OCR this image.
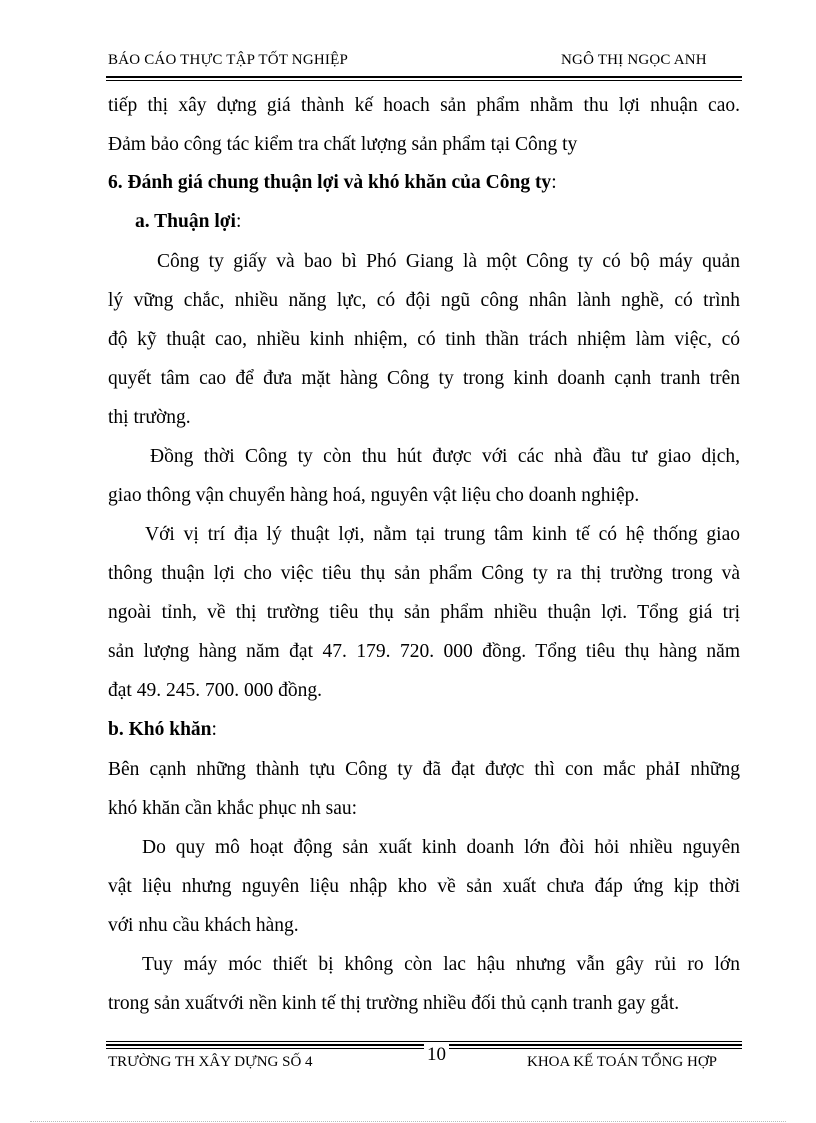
BÁO CÁO THỰC TẬP TỐT NGHIỆP	NGÔ THỊ NGỌC ANH
tiếp thị xây dựng giá thành kế hoach sản phẩm nhằm thu lợi nhuận cao.
Đảm bảo công tác kiểm tra chất lượng sản phẩm tại Công ty
6. Đánh giá chung thuận lợi và khó khăn của Công ty:
a. Thuận lợi:
Công ty giấy và bao bì Phó Giang là một Công ty có bộ máy quản
lý vững chắc, nhiều năng lực, có đội ngũ công nhân lành nghề, có trình
độ kỹ thuật cao, nhiều kinh nhiệm, có tinh thần trách nhiệm làm việc, có
quyết tâm cao để đưa mặt hàng Công ty trong kinh doanh cạnh tranh trên
thị trường.
Đồng thời Công ty còn thu hút được với các nhà đầu tư giao dịch,
giao thông vận chuyển hàng hoá, nguyên vật liệu cho doanh nghiệp.
Với vị trí địa lý thuật lợi, nằm tại trung tâm kinh tế có hệ thống giao
thông thuận lợi cho việc tiêu thụ sản phẩm Công ty ra thị trường trong và
ngoài tỉnh, về thị trường tiêu thụ sản phẩm nhiều thuận lợi. Tổng giá trị
sản lượng hàng năm đạt 47. 179. 720. 000 đồng. Tổng tiêu thụ hàng năm
đạt 49. 245. 700. 000 đồng.
b. Khó khăn:
Bên cạnh những thành tựu Công ty đã đạt được thì con mắc phảI những
khó khăn cần khắc phục nh sau:
Do quy mô hoạt động sản xuất kinh doanh lớn đòi hỏi nhiều nguyên
vật liệu nhưng nguyên liệu nhập kho về sản xuất chưa đáp ứng kịp thời
với nhu cầu khách hàng.
Tuy máy móc thiết bị không còn lac hậu nhưng vẫn gây rủi ro lớn
trong sản xuấtvới nền kinh tế thị trường nhiều đối thủ cạnh tranh gay gắt.
TRƯỜNG TH XÂY DỰNG SỐ 4	10	KHOA KẾ TOÁN TỔNG HỢP
